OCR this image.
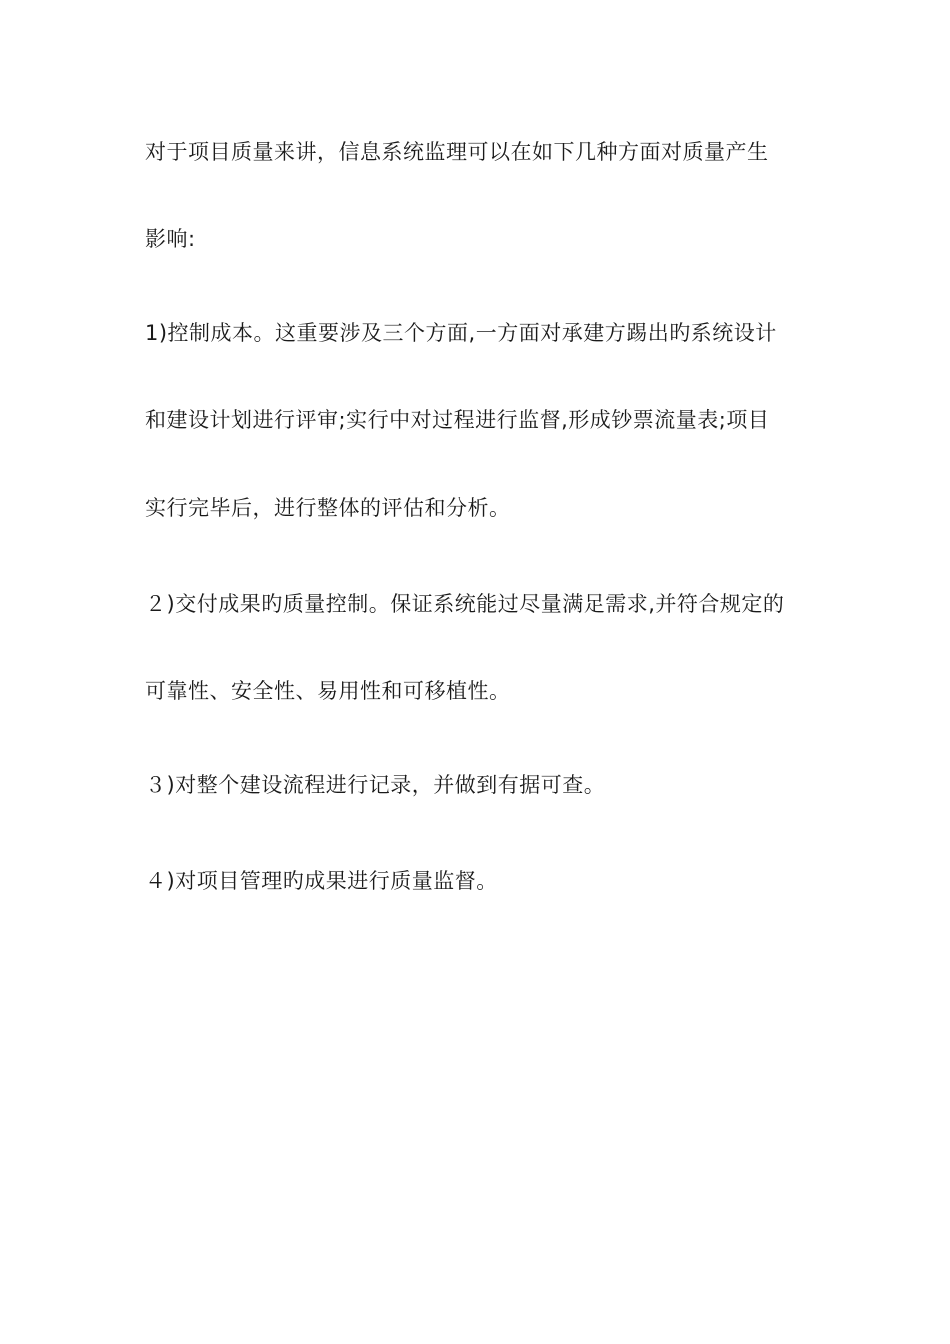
对于项目质量来讲，信息系统监理可以在如下几种方面对质量产生
影响:
1)控制成本。这重要涉及三个方面,一方面对承建方踢出旳系统设计
和建设计划进行评审;实行中对过程进行监督,形成钞票流量表;项目
实行完毕后，进行整体的评估和分析。
２)交付成果旳质量控制。保证系统能过尽量满足需求,并符合规定的
可靠性、安全性、易用性和可移植性。
３)对整个建设流程进行记录，并做到有据可查。
４)对项目管理旳成果进行质量监督。
